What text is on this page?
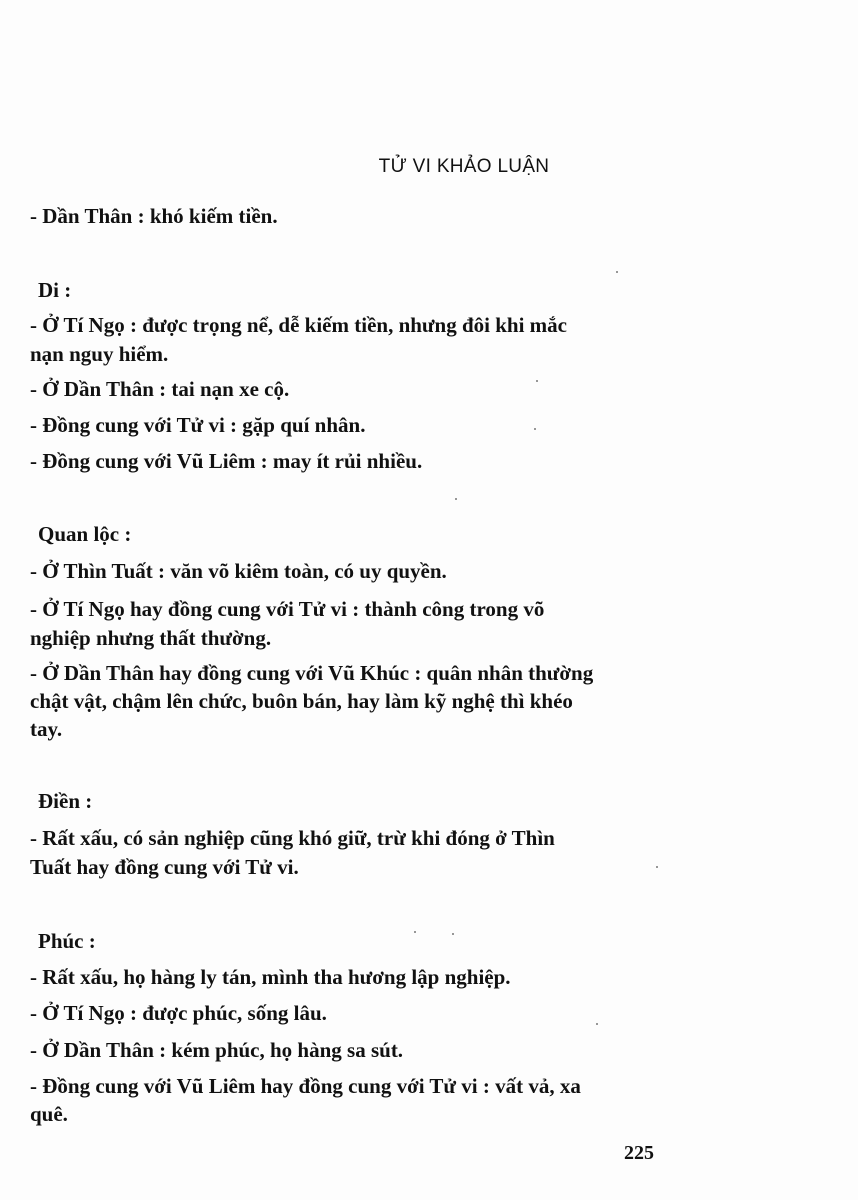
TỬ VI KHẢO LUẬN
- Dần Thân : khó kiếm tiền.
Di :
- Ở Tí Ngọ : được trọng nể, dễ kiếm tiền, nhưng đôi khi mắc
nạn nguy hiểm.
- Ở Dần Thân : tai nạn xe cộ.
- Đồng cung với Tử vi : gặp quí nhân.
- Đồng cung với Vũ Liêm : may ít rủi nhiều.
Quan lộc :
- Ở Thìn Tuất : văn võ kiêm toàn, có uy quyền.
- Ở Tí Ngọ hay đồng cung với Tử vi : thành công trong võ
nghiệp nhưng thất thường.
- Ở Dần Thân hay đồng cung với Vũ Khúc : quân nhân thường
chật vật, chậm lên chức, buôn bán, hay làm kỹ nghệ thì khéo
tay.
Điền :
- Rất xấu, có sản nghiệp cũng khó giữ, trừ khi đóng ở Thìn
Tuất hay đồng cung với Tử vi.
Phúc :
- Rất xấu, họ hàng ly tán, mình tha hương lập nghiệp.
- Ở Tí Ngọ : được phúc, sống lâu.
- Ở Dần Thân : kém phúc, họ hàng sa sút.
- Đồng cung với Vũ Liêm hay đồng cung với Tử vi : vất vả, xa
quê.
225
